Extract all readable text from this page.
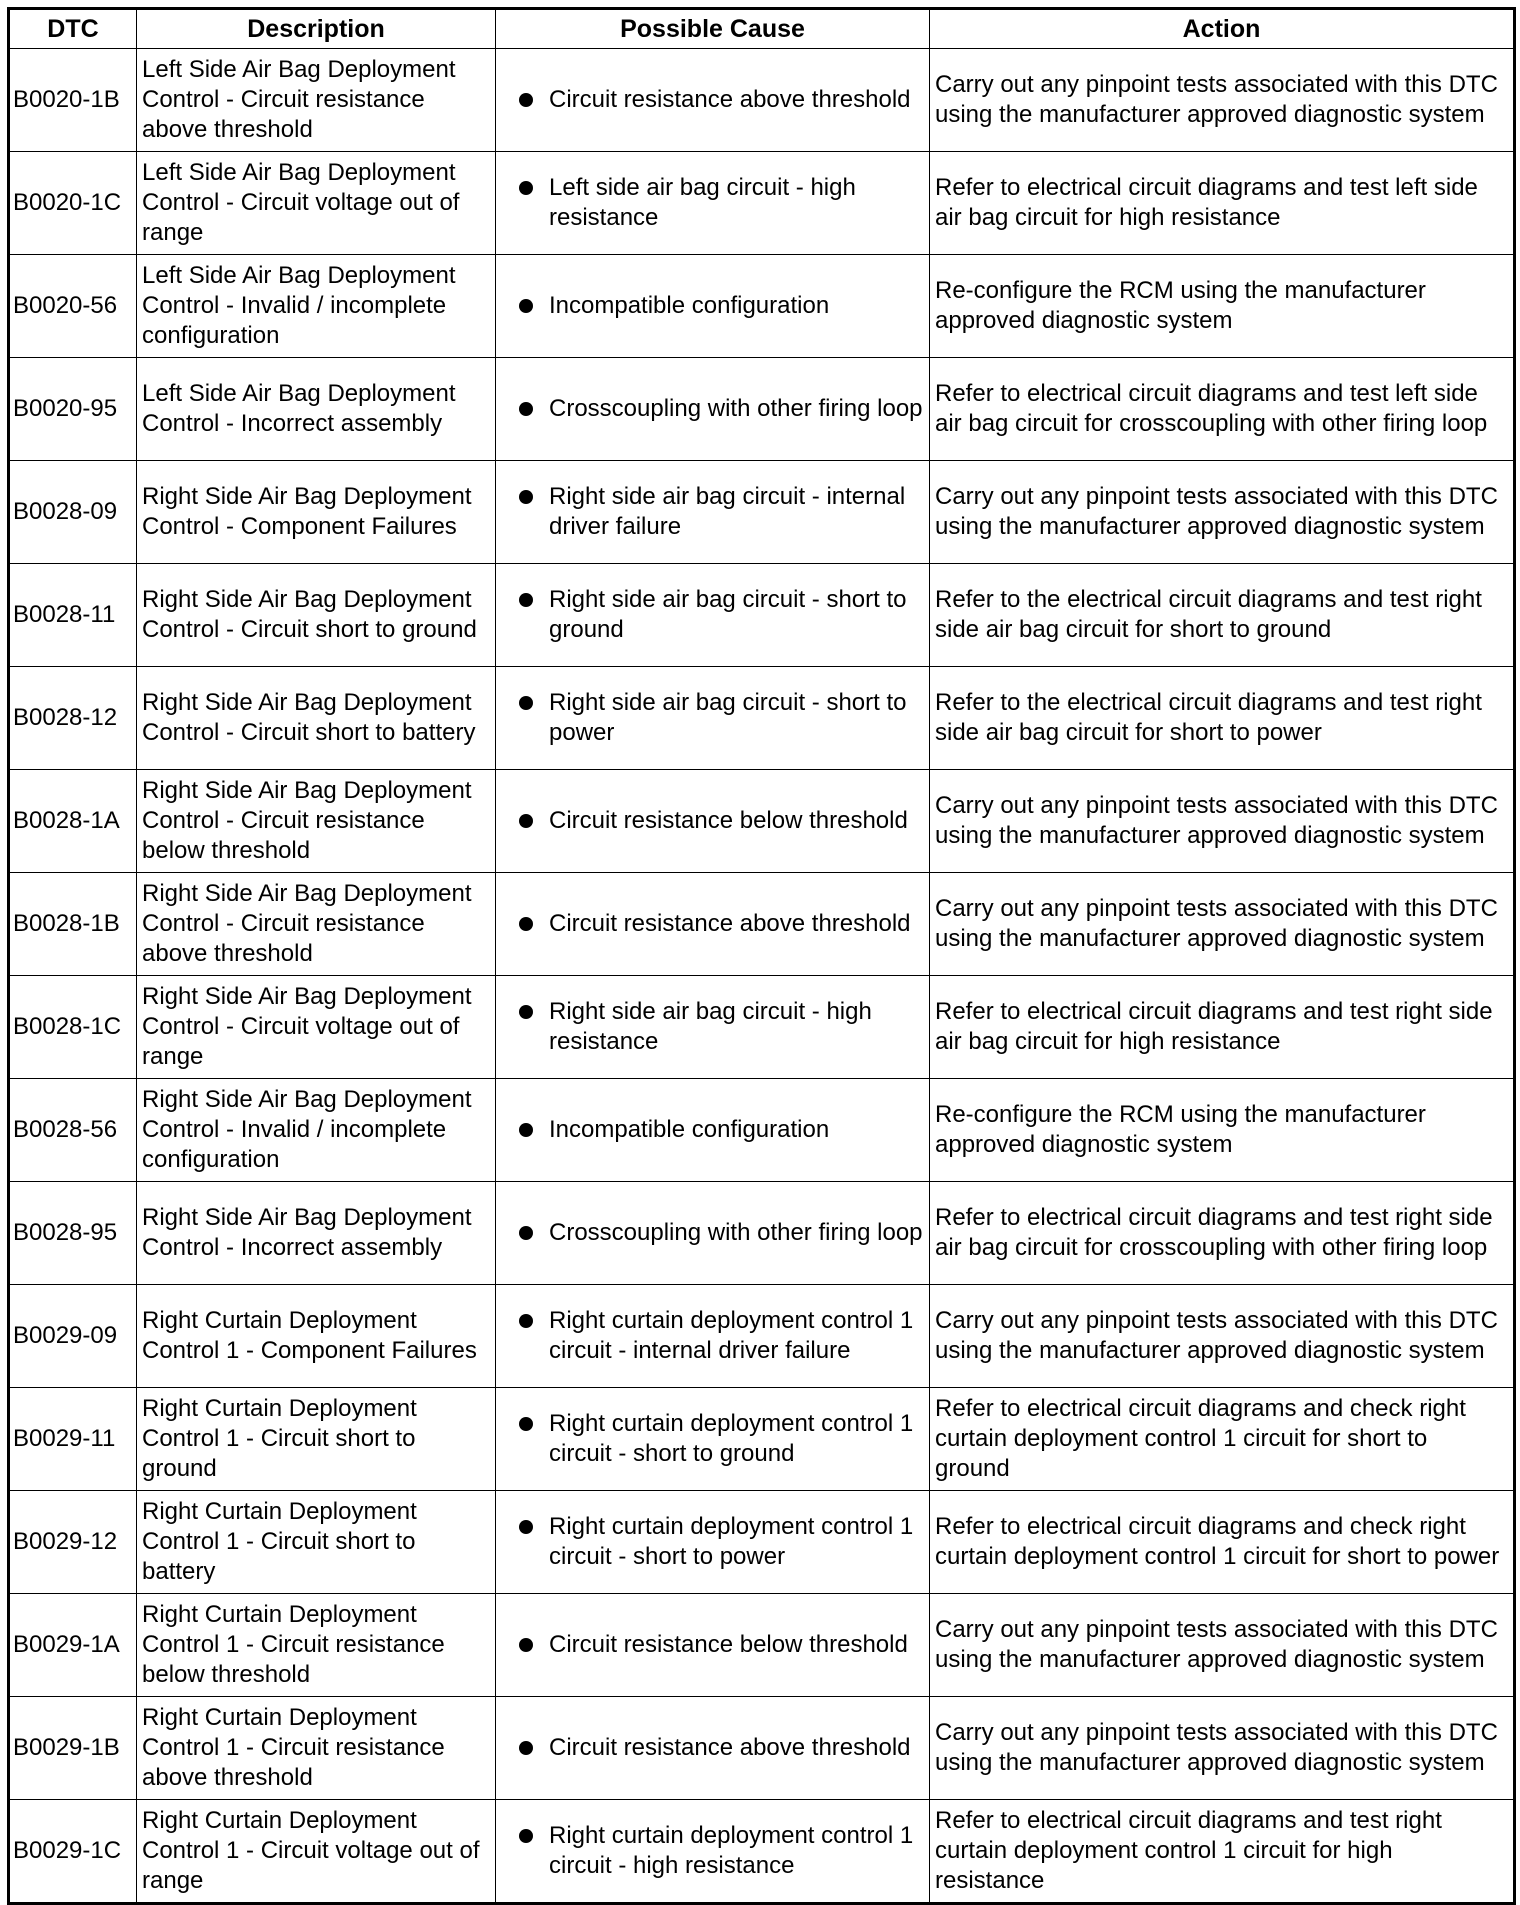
DTC	Description	Possible Cause	Action
B0020-1B	Left Side Air Bag Deployment Control - Circuit resistance above threshold	Circuit resistance above threshold	Carry out any pinpoint tests associated with this DTC using the manufacturer approved diagnostic system
B0020-1C	Left Side Air Bag Deployment Control - Circuit voltage out of range	Left side air bag circuit - high resistance	Refer to electrical circuit diagrams and test left side air bag circuit for high resistance
B0020-56	Left Side Air Bag Deployment Control - Invalid / incomplete configuration	Incompatible configuration	Re-configure the RCM using the manufacturer approved diagnostic system
B0020-95	Left Side Air Bag Deployment Control - Incorrect assembly	Crosscoupling with other firing loop	Refer to electrical circuit diagrams and test left side air bag circuit for crosscoupling with other firing loop
B0028-09	Right Side Air Bag Deployment Control - Component Failures	Right side air bag circuit - internal driver failure	Carry out any pinpoint tests associated with this DTC using the manufacturer approved diagnostic system
B0028-11	Right Side Air Bag Deployment Control - Circuit short to ground	Right side air bag circuit - short to ground	Refer to the electrical circuit diagrams and test right side air bag circuit for short to ground
B0028-12	Right Side Air Bag Deployment Control - Circuit short to battery	Right side air bag circuit - short to power	Refer to the electrical circuit diagrams and test right side air bag circuit for short to power
B0028-1A	Right Side Air Bag Deployment Control - Circuit resistance below threshold	Circuit resistance below threshold	Carry out any pinpoint tests associated with this DTC using the manufacturer approved diagnostic system
B0028-1B	Right Side Air Bag Deployment Control - Circuit resistance above threshold	Circuit resistance above threshold	Carry out any pinpoint tests associated with this DTC using the manufacturer approved diagnostic system
B0028-1C	Right Side Air Bag Deployment Control - Circuit voltage out of range	Right side air bag circuit - high resistance	Refer to electrical circuit diagrams and test right side air bag circuit for high resistance
B0028-56	Right Side Air Bag Deployment Control - Invalid / incomplete configuration	Incompatible configuration	Re-configure the RCM using the manufacturer approved diagnostic system
B0028-95	Right Side Air Bag Deployment Control - Incorrect assembly	Crosscoupling with other firing loop	Refer to electrical circuit diagrams and test right side air bag circuit for crosscoupling with other firing loop
B0029-09	Right Curtain Deployment Control 1 - Component Failures	Right curtain deployment control 1 circuit - internal driver failure	Carry out any pinpoint tests associated with this DTC using the manufacturer approved diagnostic system
B0029-11	Right Curtain Deployment Control 1 - Circuit short to ground	Right curtain deployment control 1 circuit - short to ground	Refer to electrical circuit diagrams and check right curtain deployment control 1 circuit for short to ground
B0029-12	Right Curtain Deployment Control 1 - Circuit short to battery	Right curtain deployment control 1 circuit - short to power	Refer to electrical circuit diagrams and check right curtain deployment control 1 circuit for short to power
B0029-1A	Right Curtain Deployment Control 1 - Circuit resistance below threshold	Circuit resistance below threshold	Carry out any pinpoint tests associated with this DTC using the manufacturer approved diagnostic system
B0029-1B	Right Curtain Deployment Control 1 - Circuit resistance above threshold	Circuit resistance above threshold	Carry out any pinpoint tests associated with this DTC using the manufacturer approved diagnostic system
B0029-1C	Right Curtain Deployment Control 1 - Circuit voltage out of range	Right curtain deployment control 1 circuit - high resistance	Refer to electrical circuit diagrams and test right curtain deployment control 1 circuit for high resistance
